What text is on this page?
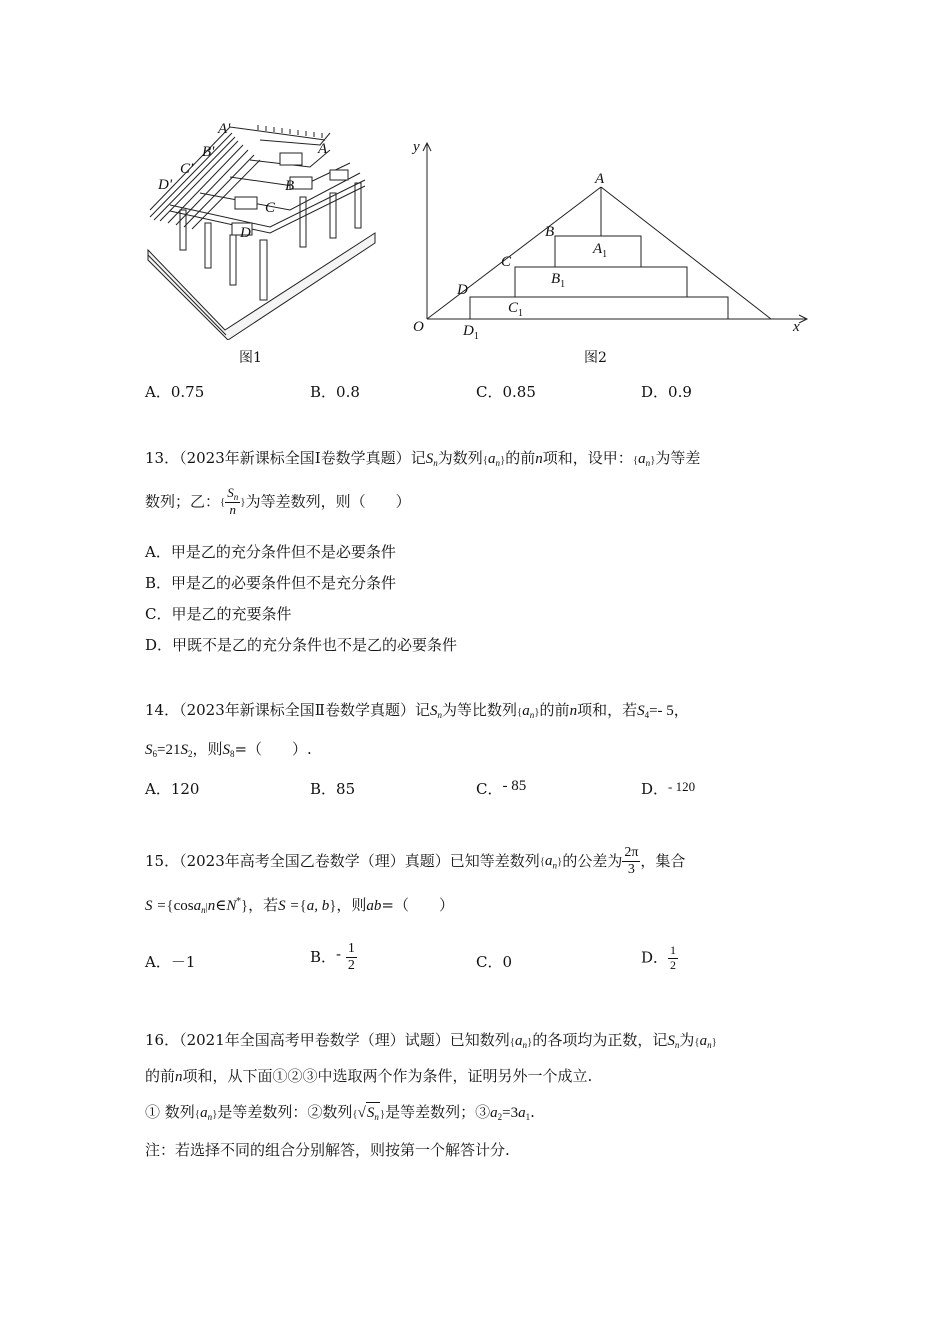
A'
A
B'
B
C'
C
D'
D
图1
y
x
O
A
B
C
D
$A_1$
$B_1$
$C_1$
$D_1$
图2
A．0.75	B．0.8	C．0.85	D．0.9
13．（2023年新课标全国Ⅰ卷数学真题）记$S_n$为数列$\{a_n\}$的前n项和，设甲：$\{a_n\}$为等差
数列；乙：{ $\frac{S_n}{n}$ }为等差数列，则（　　）
A．甲是乙的充分条件但不是必要条件
B．甲是乙的必要条件但不是充分条件
C．甲是乙的充要条件
D．甲既不是乙的充分条件也不是乙的必要条件
14．（2023年新课标全国Ⅱ卷数学真题）记$S_n$为等比数列$\{a_n\}$的前n项和，若$S_4=-$ 5，
$S_6=21S_2$，则$S_8=$（　　）.
A．120	B．85	C．- 85	D．- 120
15．（2023年高考全国乙卷数学（理）真题）已知等差数列$\{a_n\}$的公差为 $\frac{2\pi}{3}$ ，集合
S ={cosa$_n$|n∈N*}，若S ={a, b}，则ab=（　　）
A．－1	B．- $\frac{1}{2}$	C．0	D． $\frac{1}{2}$
16．（2021年全国高考甲卷数学（理）试题）已知数列$\{a_n\}$的各项均为正数，记$S_n$为$\{a_n\}$
的前n项和，从下面①②③中选取两个作为条件，证明另外一个成立.
① 数列$\{a_n\}$是等差数列：②数列$\{√S_n\}$是等差数列；$③a_2=3a_1$.
注：若选择不同的组合分别解答，则按第一个解答计分.
